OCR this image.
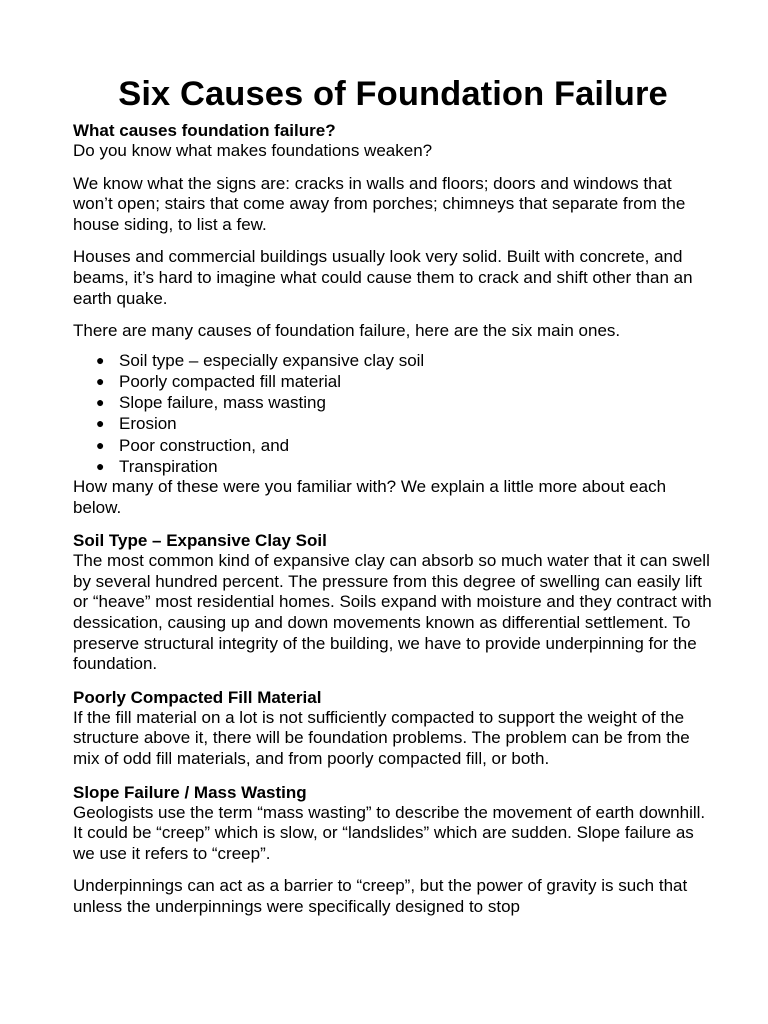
Six Causes of Foundation Failure
What causes foundation failure?

Do you know what makes foundations weaken?

We know what the signs are: cracks in walls and floors; doors and windows that won’t open; stairs that come away from porches; chimneys that separate from the house siding, to list a few.

Houses and commercial buildings usually look very solid. Built with concrete, and beams, it’s hard to imagine what could cause them to crack and shift other than an earth quake.

There are many causes of foundation failure, here are the six main ones.

● Soil type – especially expansive clay soil
● Poorly compacted fill material
● Slope failure, mass wasting
● Erosion
● Poor construction, and
● Transpiration

How many of these were you familiar with? We explain a little more about each below.

Soil Type – Expansive Clay Soil

The most common kind of expansive clay can absorb so much water that it can swell by several hundred percent. The pressure from this degree of swelling can easily lift or “heave” most residential homes. Soils expand with moisture and they contract with dessication, causing up and down movements known as differential settlement. To preserve structural integrity of the building, we have to provide underpinning for the foundation.

Poorly Compacted Fill Material

If the fill material on a lot is not sufficiently compacted to support the weight of the structure above it, there will be foundation problems. The problem can be from the mix of odd fill materials, and from poorly compacted fill, or both.

Slope Failure / Mass Wasting

Geologists use the term “mass wasting” to describe the movement of earth downhill. It could be “creep” which is slow, or “landslides” which are sudden. Slope failure as we use it refers to “creep”.

Underpinnings can act as a barrier to “creep”, but the power of gravity is such that unless the underpinnings were specifically designed to stop
